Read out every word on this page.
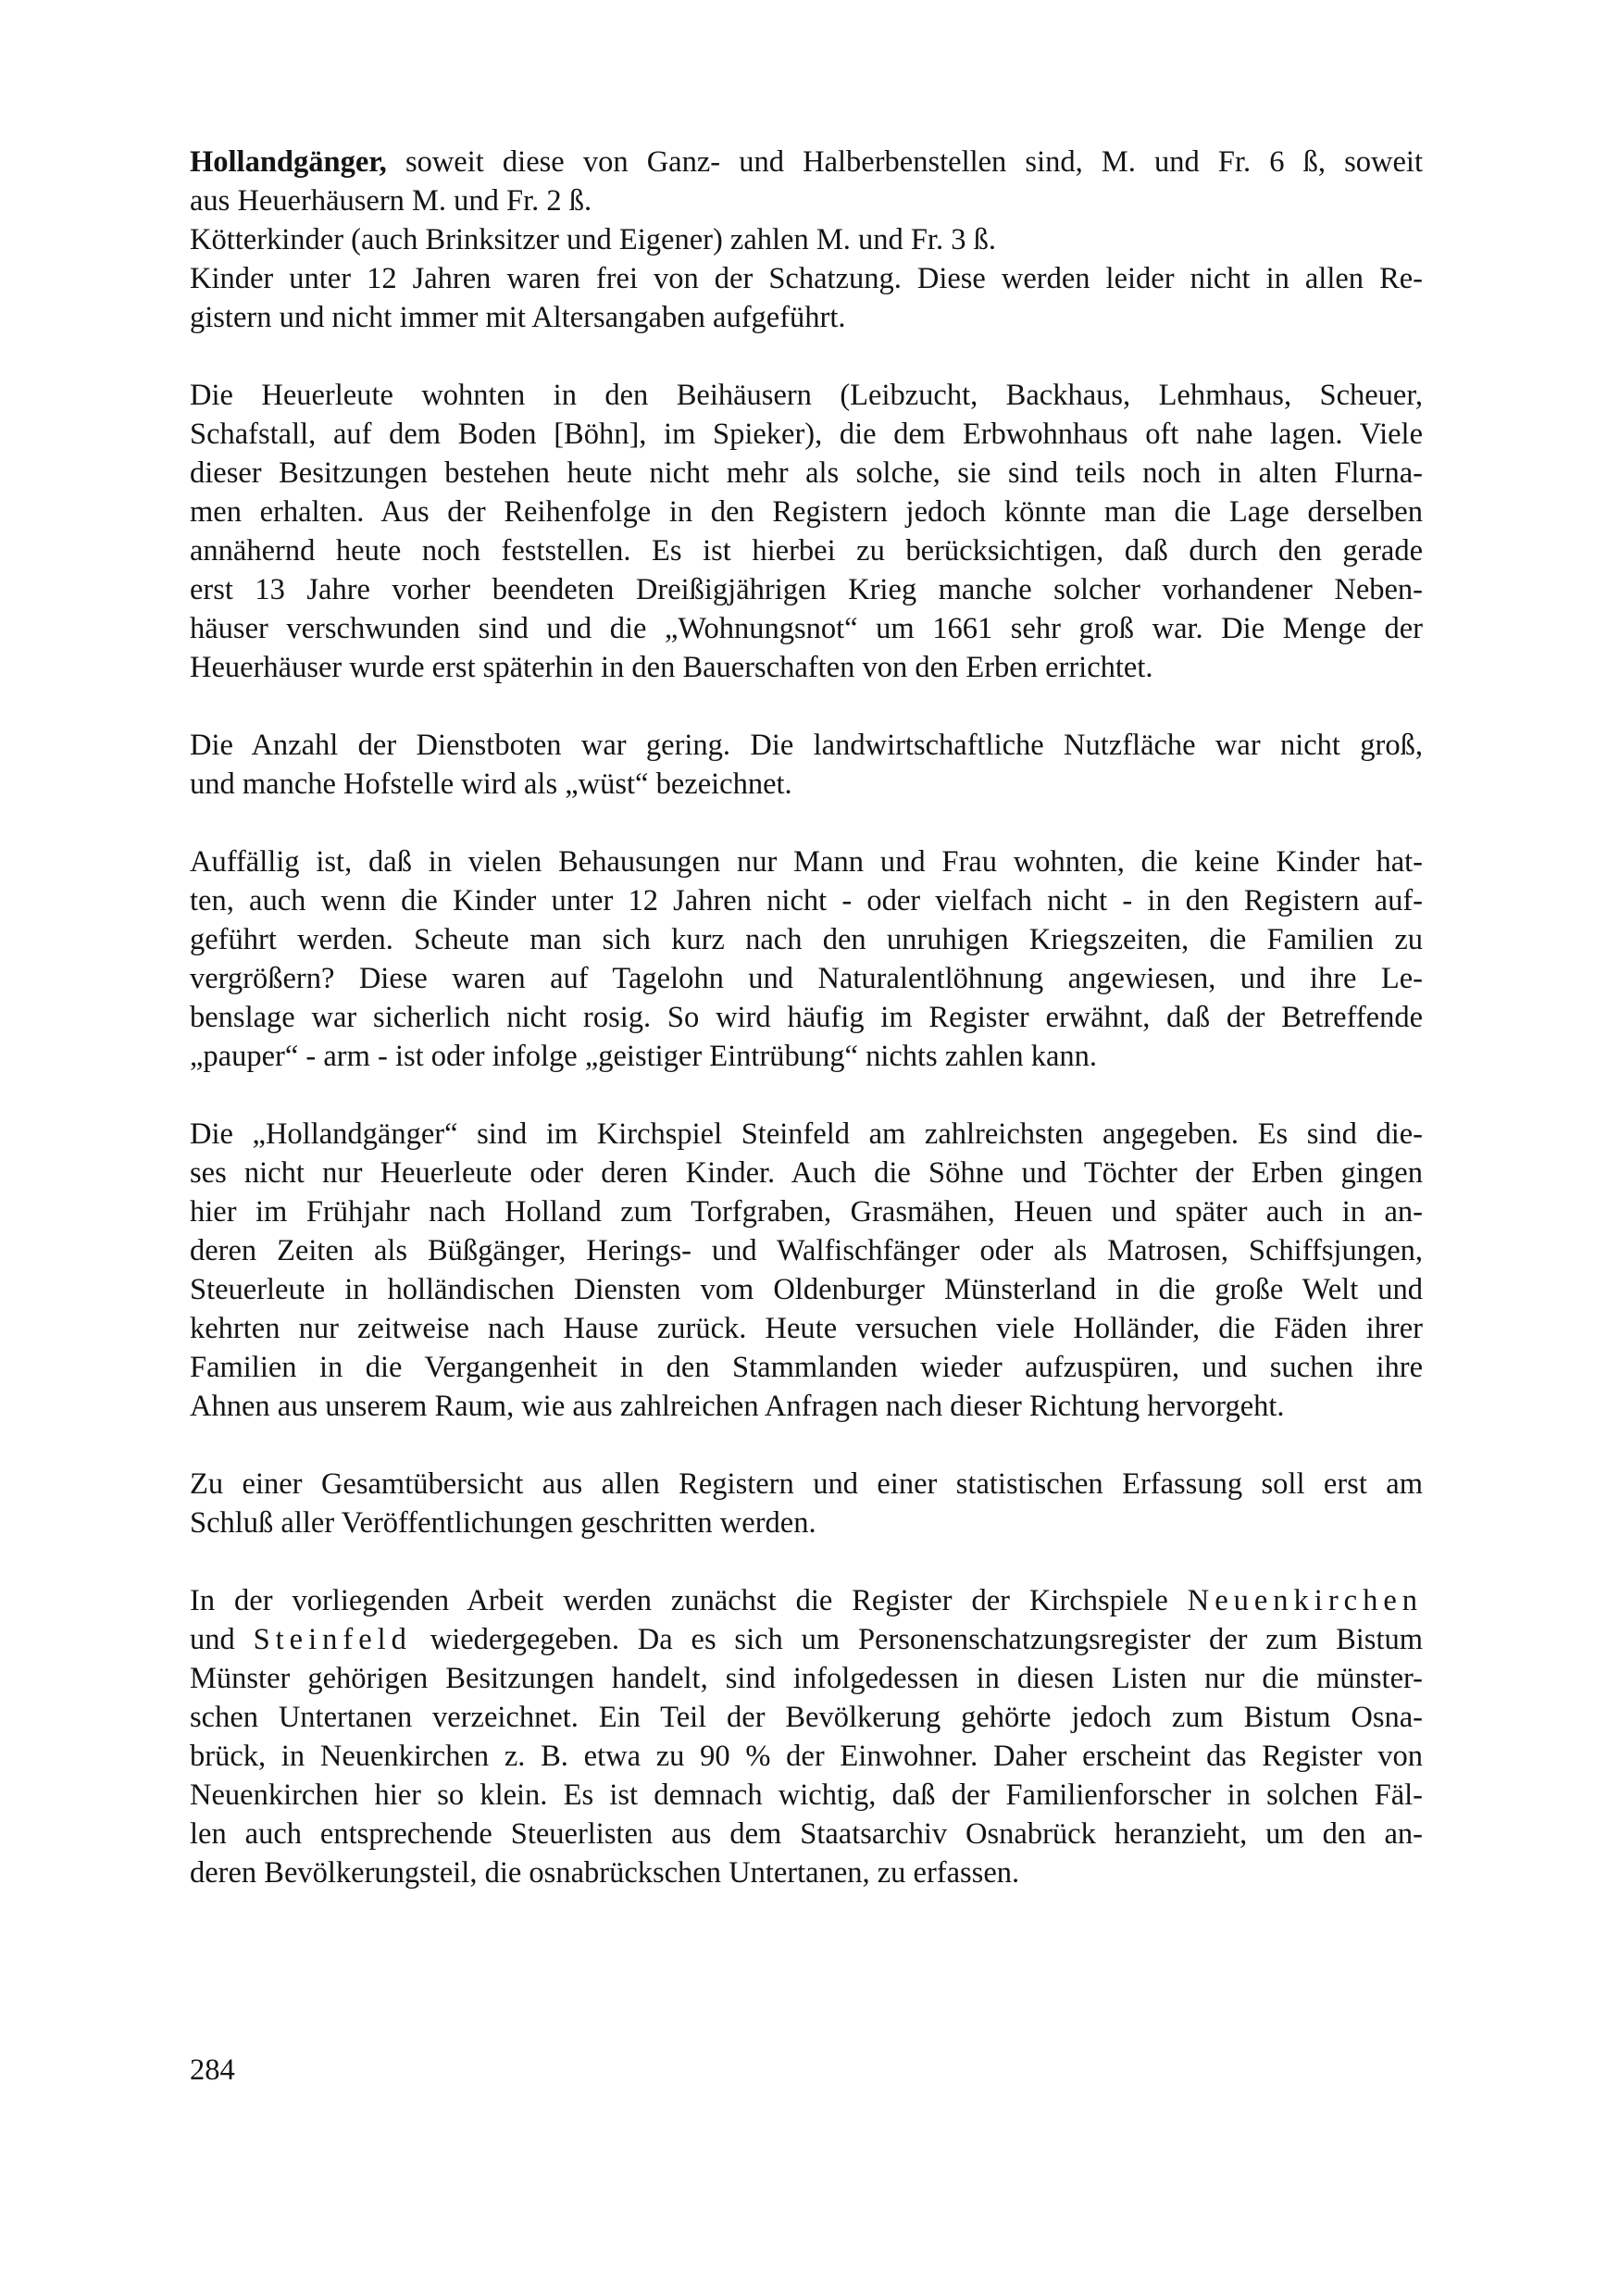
Hollandgänger, soweit diese von Ganz- und Halberbenstellen sind, M. und Fr. 6 ß, soweit
aus Heuerhäusern M. und Fr. 2 ß.
Kötterkinder (auch Brinksitzer und Eigener) zahlen M. und Fr. 3 ß.
Kinder unter 12 Jahren waren frei von der Schatzung. Diese werden leider nicht in allen Re-
gistern und nicht immer mit Altersangaben aufgeführt.

Die Heuerleute wohnten in den Beihäusern (Leibzucht, Backhaus, Lehmhaus, Scheuer,
Schafstall, auf dem Boden [Böhn], im Spieker), die dem Erbwohnhaus oft nahe lagen. Viele
dieser Besitzungen bestehen heute nicht mehr als solche, sie sind teils noch in alten Flurna-
men erhalten. Aus der Reihenfolge in den Registern jedoch könnte man die Lage derselben
annähernd heute noch feststellen. Es ist hierbei zu berücksichtigen, daß durch den gerade
erst 13 Jahre vorher beendeten Dreißigjährigen Krieg manche solcher vorhandener Neben-
häuser verschwunden sind und die „Wohnungsnot“ um 1661 sehr groß war. Die Menge der
Heuerhäuser wurde erst späterhin in den Bauerschaften von den Erben errichtet.

Die Anzahl der Dienstboten war gering. Die landwirtschaftliche Nutzfläche war nicht groß,
und manche Hofstelle wird als „wüst“ bezeichnet.

Auffällig ist, daß in vielen Behausungen nur Mann und Frau wohnten, die keine Kinder hat-
ten, auch wenn die Kinder unter 12 Jahren nicht - oder vielfach nicht - in den Registern auf-
geführt werden. Scheute man sich kurz nach den unruhigen Kriegszeiten, die Familien zu
vergrößern? Diese waren auf Tagelohn und Naturalentlöhnung angewiesen, und ihre Le-
benslage war sicherlich nicht rosig. So wird häufig im Register erwähnt, daß der Betreffende
„pauper“ - arm - ist oder infolge „geistiger Eintrübung“ nichts zahlen kann.

Die „Hollandgänger“ sind im Kirchspiel Steinfeld am zahlreichsten angegeben. Es sind die-
ses nicht nur Heuerleute oder deren Kinder. Auch die Söhne und Töchter der Erben gingen
hier im Frühjahr nach Holland zum Torfgraben, Grasmähen, Heuen und später auch in an-
deren Zeiten als Büßgänger, Herings- und Walfischfänger oder als Matrosen, Schiffsjungen,
Steuerleute in holländischen Diensten vom Oldenburger Münsterland in die große Welt und
kehrten nur zeitweise nach Hause zurück. Heute versuchen viele Holländer, die Fäden ihrer
Familien in die Vergangenheit in den Stammlanden wieder aufzuspüren, und suchen ihre
Ahnen aus unserem Raum, wie aus zahlreichen Anfragen nach dieser Richtung hervorgeht.

Zu einer Gesamtübersicht aus allen Registern und einer statistischen Erfassung soll erst am
Schluß aller Veröffentlichungen geschritten werden.

In der vorliegenden Arbeit werden zunächst die Register der Kirchspiele Neuenkirchen
und Steinfeld wiedergegeben. Da es sich um Personenschatzungsregister der zum Bistum
Münster gehörigen Besitzungen handelt, sind infolgedessen in diesen Listen nur die münster-
schen Untertanen verzeichnet. Ein Teil der Bevölkerung gehörte jedoch zum Bistum Osna-
brück, in Neuenkirchen z. B. etwa zu 90 % der Einwohner. Daher erscheint das Register von
Neuenkirchen hier so klein. Es ist demnach wichtig, daß der Familienforscher in solchen Fäl-
len auch entsprechende Steuerlisten aus dem Staatsarchiv Osnabrück heranzieht, um den an-
deren Bevölkerungsteil, die osnabrückschen Untertanen, zu erfassen.

284
